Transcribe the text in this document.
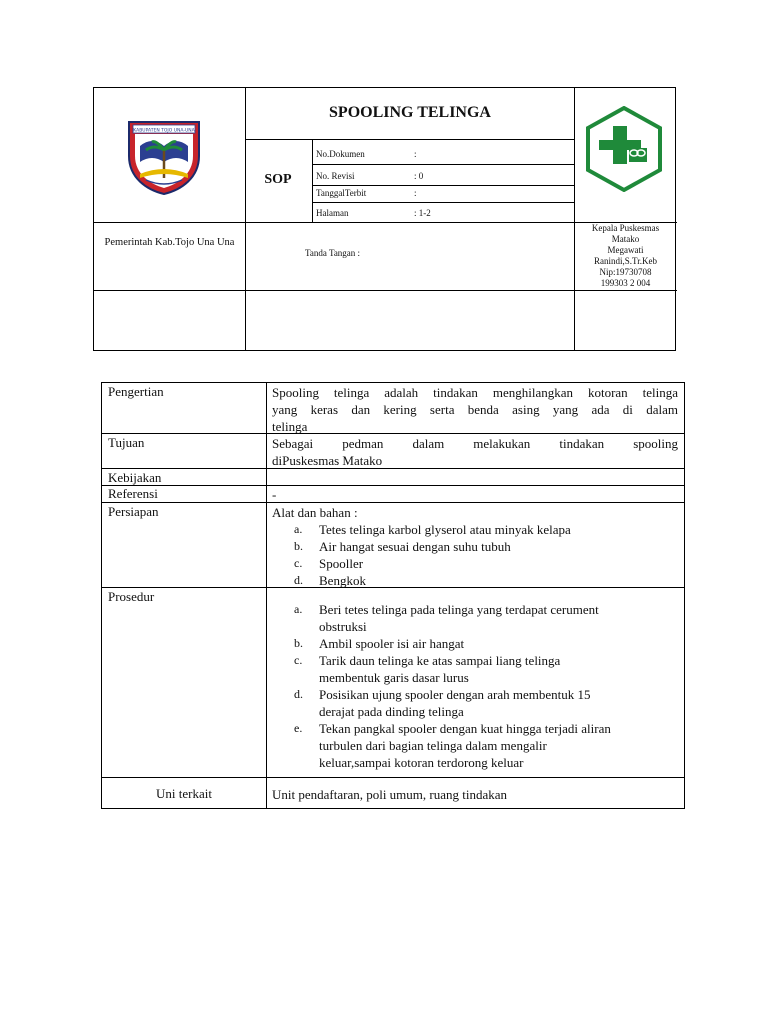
KABUPATEN TOJO UNA-UNA
SPOOLING TELINGA
SOP
No.Dokumen	:
No. Revisi	: 0
TanggalTerbit	:
Halaman	: 1-2
Pemerintah Kab.Tojo Una Una
Tanda Tangan :
Kepala Puskesmas
Matako
Megawati
Ranindi,S.Tr.Keb
Nip:19730708
199303 2 004
Pengertian	Spooling telinga adalah tindakan menghilangkan kotoran telinga
yang keras dan kering serta benda asing yang ada di dalam
telinga
Tujuan	Sebagai pedman dalam melakukan tindakan spooling
diPuskesmas Matako
Kebijakan
Referensi	-
Persiapan	Alat dan bahan :
a. Tetes telinga karbol glyserol atau minyak kelapa
b. Air hangat sesuai dengan suhu tubuh
c. Spooller
d. Bengkok
Prosedur
a. Beri tetes telinga pada telinga yang terdapat cerument
obstruksi
b. Ambil spooler isi air hangat
c. Tarik daun telinga ke atas sampai liang telinga
membentuk garis dasar lurus
d. Posisikan ujung spooler dengan arah membentuk 15
derajat pada dinding telinga
e. Tekan pangkal spooler dengan kuat hingga terjadi aliran
turbulen dari bagian telinga dalam mengalir
keluar,sampai kotoran terdorong keluar
Uni terkait	Unit pendaftaran, poli umum, ruang tindakan
